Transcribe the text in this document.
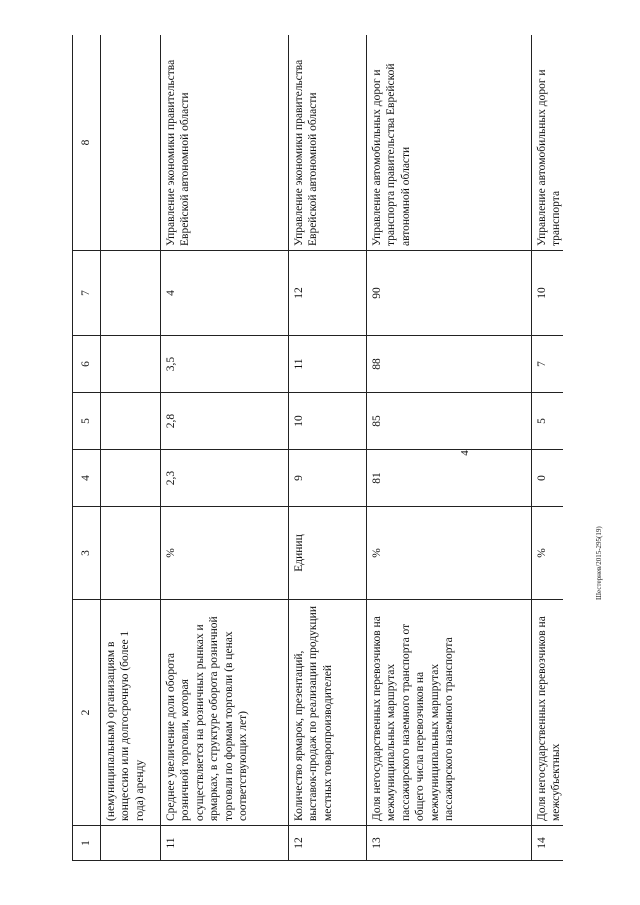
4
Шестернев/2015-295(19)
1	2	3	4	5	6	7	8
	(немуниципальным) организациям в концессию или долгосрочную (более 1 года) аренду						
11	Среднее увеличение доли оборота розничной торговли, которая осуществляется на розничных рынках и ярмарках, в структуре оборота розничной торговли по формам торговли (в ценах соответствующих лет)	%	2,3	2,8	3,5	4	Управление экономики правительства Еврейской автономной области
12	Количество ярмарок, презентаций, выставок-продаж по реализации продукции местных товаропроизводителей	Единиц	9	10	11	12	Управление экономики правительства Еврейской автономной области
13	Доля негосударственных перевозчиков на межмуниципальных маршрутах пассажирского наземного транспорта от общего числа перевозчиков на межмуниципальных маршрутах пассажирского наземного транспорта	%	81	85	88	90	Управление автомобильных дорог и транспорта правительства Еврейской автономной области
14	Доля негосударственных перевозчиков на межсубъектных	%	0	5	7	10	Управление автомобильных дорог и транспорта
